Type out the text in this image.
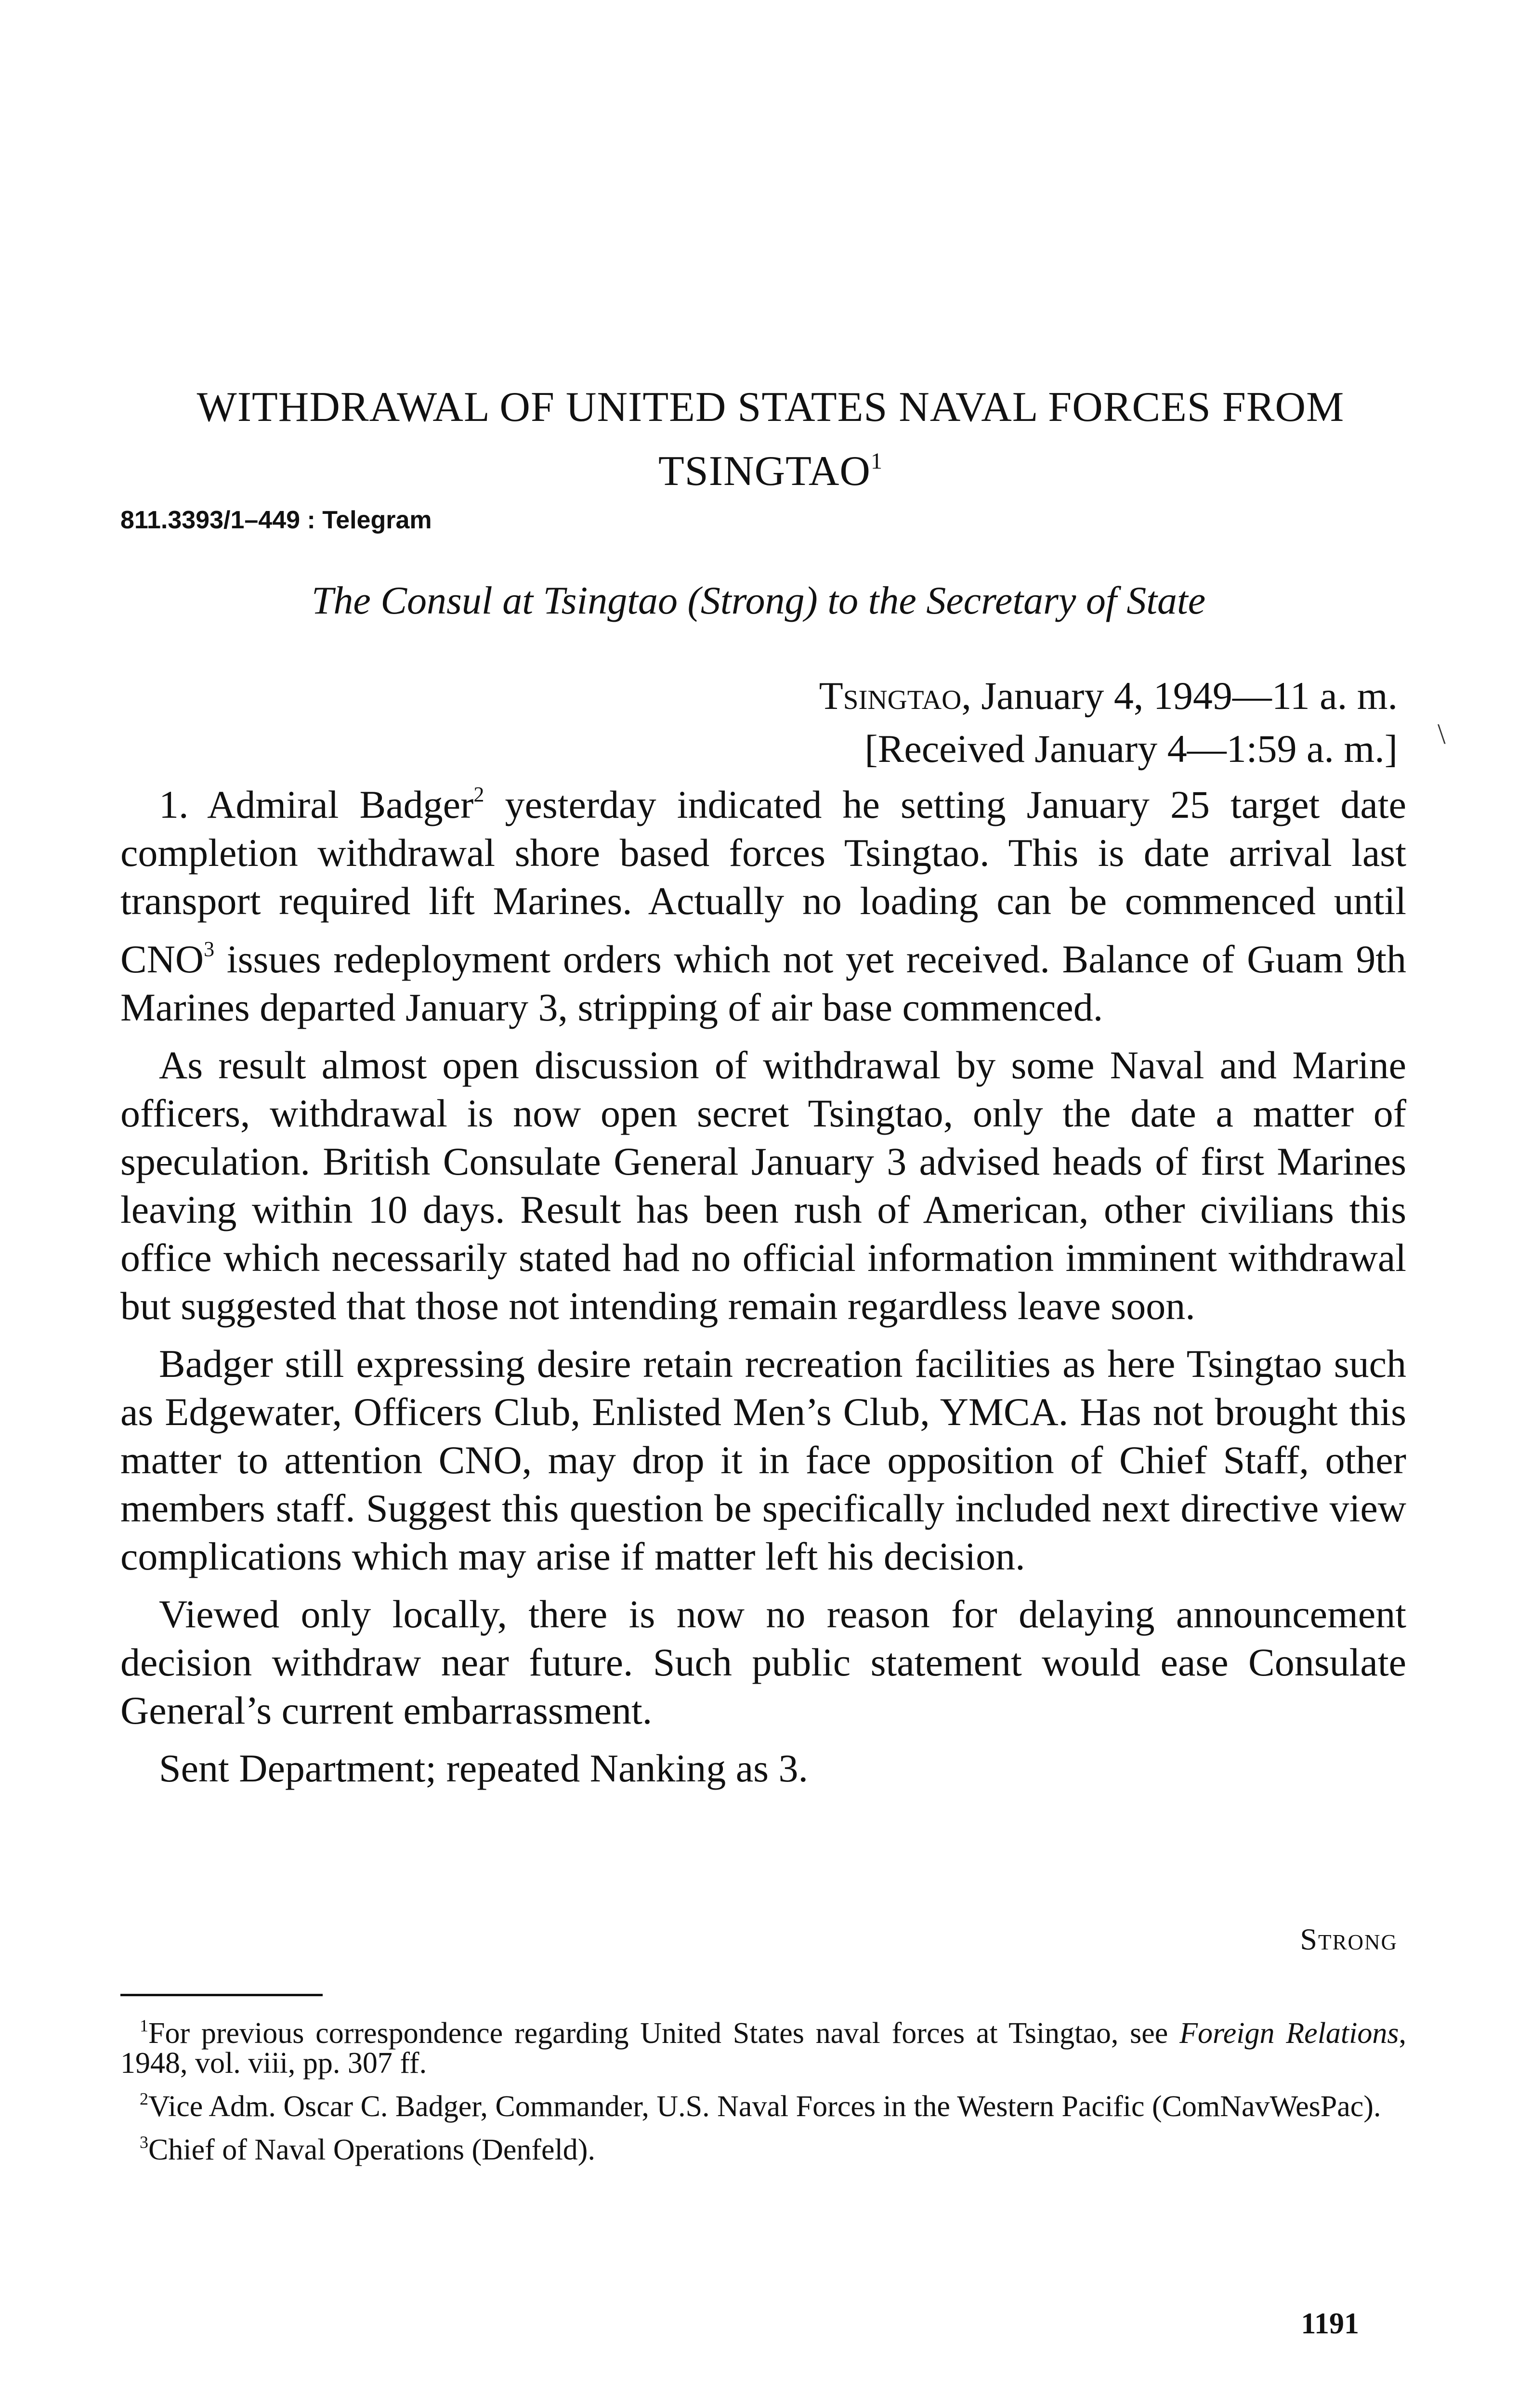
WITHDRAWAL OF UNITED STATES NAVAL FORCES FROM
TSINGTAO$^1$
811.3393/1–449 : Telegram
The Consul at Tsingtao (Strong) to the Secretary of State
Tsingtao, January 4, 1949—11 a. m.
[Received January 4—1:59 a. m.] \

1. Admiral Badger$^2$ yesterday indicated he setting January 25 target date completion withdrawal shore based forces Tsingtao. This is date arrival last transport required lift Marines. Actually no loading can be commenced until CNO$^3$ issues redeployment orders which not yet received. Balance of Guam 9th Marines departed January 3, stripping of air base commenced.

As result almost open discussion of withdrawal by some Naval and Marine officers, withdrawal is now open secret Tsingtao, only the date a matter of speculation. British Consulate General January 3 advised heads of first Marines leaving within 10 days. Result has been rush of American, other civilians this office which necessarily stated had no official information imminent withdrawal but suggested that those not intending remain regardless leave soon.

Badger still expressing desire retain recreation facilities as here Tsingtao such as Edgewater, Officers Club, Enlisted Men’s Club, YMCA. Has not brought this matter to attention CNO, may drop it in face opposition of Chief Staff, other members staff. Suggest this question be specifically included next directive view complications which may arise if matter left his decision.

Viewed only locally, there is now no reason for delaying announcement decision withdraw near future. Such public statement would ease Consulate General’s current embarrassment.

Sent Department; repeated Nanking as 3.

Strong

$^1$For previous correspondence regarding United States naval forces at Tsingtao, see Foreign Relations, 1948, vol. viii, pp. 307 ff.

$^2$Vice Adm. Oscar C. Badger, Commander, U.S. Naval Forces in the Western Pacific (ComNavWesPac).

$^3$Chief of Naval Operations (Denfeld).

1191
